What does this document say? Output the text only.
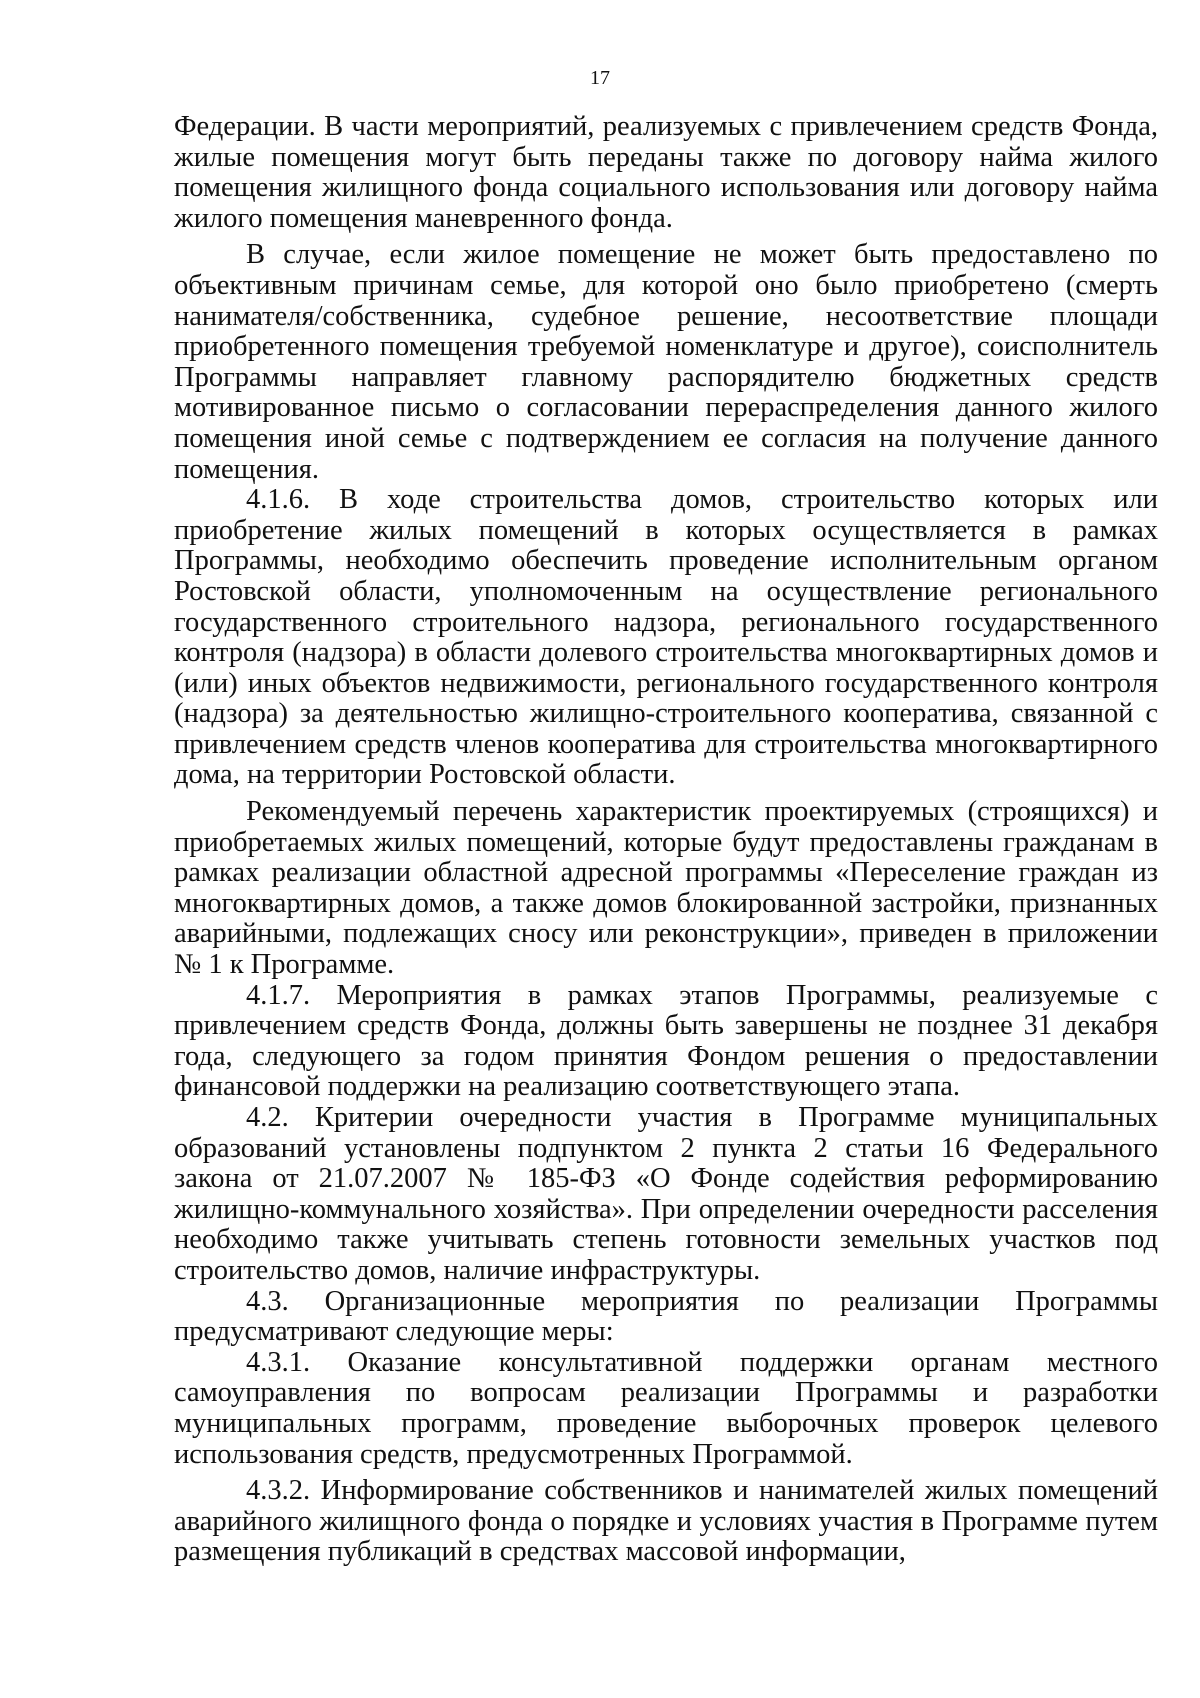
17

Федерации. В части мероприятий, реализуемых с привлечением средств Фонда, жилые помещения могут быть переданы также по договору найма жилого помещения жилищного фонда социального использования или договору найма жилого помещения маневренного фонда.

В случае, если жилое помещение не может быть предоставлено по объективным причинам семье, для которой оно было приобретено (смерть нанимателя/собственника, судебное решение, несоответствие площади приобретенного помещения требуемой номенклатуре и другое), соисполнитель Программы направляет главному распорядителю бюджетных средств мотивированное письмо о согласовании перераспределения данного жилого помещения иной семье с подтверждением ее согласия на получение данного помещения.

4.1.6. В ходе строительства домов, строительство которых или приобретение жилых помещений в которых осуществляется в рамках Программы, необходимо обеспечить проведение исполнительным органом Ростовской области, уполномоченным на осуществление регионального государственного строительного надзора, регионального государственного контроля (надзора) в области долевого строительства многоквартирных домов и (или) иных объектов недвижимости, регионального государственного контроля (надзора) за деятельностью жилищно-строительного кооператива, связанной с привлечением средств членов кооператива для строительства многоквартирного дома, на территории Ростовской области.

Рекомендуемый перечень характеристик проектируемых (строящихся) и приобретаемых жилых помещений, которые будут предоставлены гражданам в рамках реализации областной адресной программы «Переселение граждан из многоквартирных домов, а также домов блокированной застройки, признанных аварийными, подлежащих сносу или реконструкции», приведен в приложении № 1 к Программе.

4.1.7. Мероприятия в рамках этапов Программы, реализуемые с привлечением средств Фонда, должны быть завершены не позднее 31 декабря года, следующего за годом принятия Фондом решения о предоставлении финансовой поддержки на реализацию соответствующего этапа.

4.2. Критерии очередности участия в Программе муниципальных образований установлены подпунктом 2 пункта 2 статьи 16 Федерального закона от 21.07.2007 № 185-ФЗ «О Фонде содействия реформированию жилищно-коммунального хозяйства». При определении очередности расселения необходимо также учитывать степень готовности земельных участков под строительство домов, наличие инфраструктуры.

4.3. Организационные мероприятия по реализации Программы предусматривают следующие меры:

4.3.1. Оказание консультативной поддержки органам местного самоуправления по вопросам реализации Программы и разработки муниципальных программ, проведение выборочных проверок целевого использования средств, предусмотренных Программой.

4.3.2. Информирование собственников и нанимателей жилых помещений аварийного жилищного фонда о порядке и условиях участия в Программе путем размещения публикаций в средствах массовой информации,
